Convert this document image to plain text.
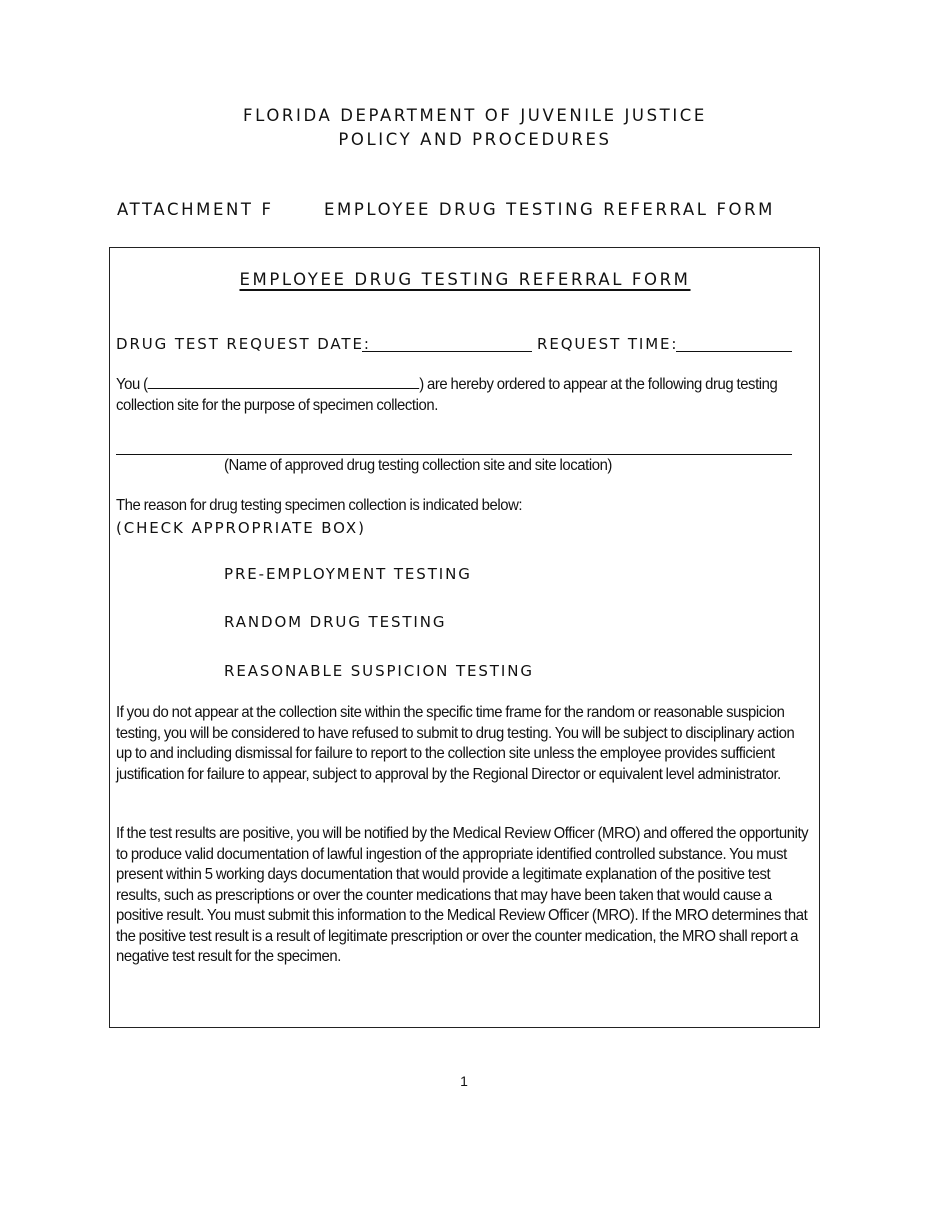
FLORIDA DEPARTMENT OF JUVENILE JUSTICE
POLICY AND PROCEDURES
ATTACHMENT F	EMPLOYEE DRUG TESTING REFERRAL FORM
EMPLOYEE DRUG TESTING REFERRAL FORM
DRUG TEST REQUEST DATE:	REQUEST TIME:
You (	) are hereby ordered to appear at the following drug testing collection site for the purpose of specimen collection.
(Name of approved drug testing collection site and site location)
The reason for drug testing specimen collection is indicated below:
(CHECK APPROPRIATE BOX)
PRE-EMPLOYMENT TESTING
RANDOM DRUG TESTING
REASONABLE SUSPICION TESTING
If you do not appear at the collection site within the specific time frame for the random or reasonable suspicion testing, you will be considered to have refused to submit to drug testing. You will be subject to disciplinary action up to and including dismissal for failure to report to the collection site unless the employee provides sufficient justification for failure to appear, subject to approval by the Regional Director or equivalent level administrator.
If the test results are positive, you will be notified by the Medical Review Officer (MRO) and offered the opportunity to produce valid documentation of lawful ingestion of the appropriate identified controlled substance. You must present within 5 working days documentation that would provide a legitimate explanation of the positive test results, such as prescriptions or over the counter medications that may have been taken that would cause a positive result. You must submit this information to the Medical Review Officer (MRO). If the MRO determines that the positive test result is a result of legitimate prescription or over the counter medication, the MRO shall report a negative test result for the specimen.
1
